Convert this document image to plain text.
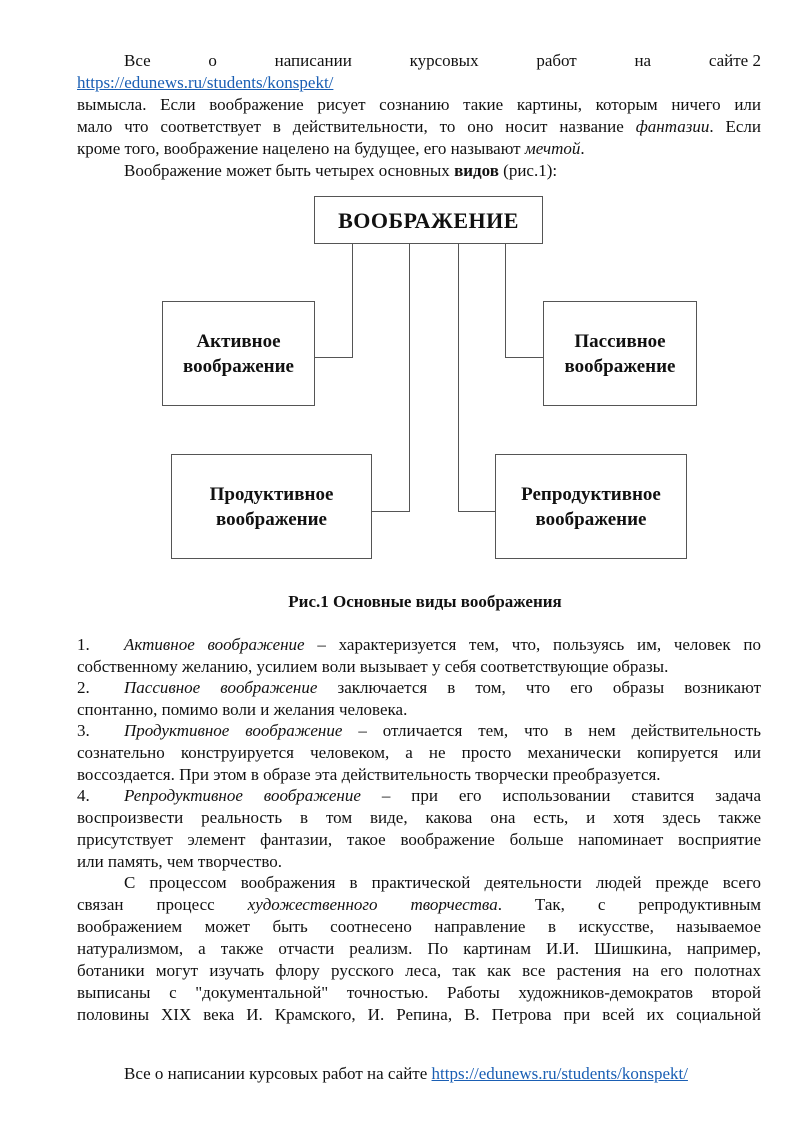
Все	о	написании	курсовых	работ	на	сайте 2
https://edunews.ru/students/konspekt/
вымысла. Если воображение рисует сознанию такие картины, которым ничего или
мало что соответствует в действительности, то оно носит название фантазии. Если
кроме того, воображение нацелено на будущее, его называют мечтой.
Воображение может быть четырех основных видов (рис.1):
ВООБРАЖЕНИЕ
Активное
воображение
Пассивное
воображение
Продуктивное
воображение
Репродуктивное
воображение
Рис.1 Основные виды воображения
1. Активное воображение – характеризуется тем, что, пользуясь им, человек по
собственному желанию, усилием воли вызывает у себя соответствующие образы.
2. Пассивное воображение заключается в том, что его образы возникают
спонтанно, помимо воли и желания человека.
3. Продуктивное воображение – отличается тем, что в нем действительность
сознательно конструируется человеком, а не просто механически копируется или
воссоздается. При этом в образе эта действительность творчески преобразуется.
4. Репродуктивное воображение – при его использовании ставится задача
воспроизвести реальность в том виде, какова она есть, и хотя здесь также
присутствует элемент фантазии, такое воображение больше напоминает восприятие
или память, чем творчество.
С процессом воображения в практической деятельности людей прежде всего
связан процесс художественного творчества. Так, с репродуктивным
воображением может быть соотнесено направление в искусстве, называемое
натурализмом, а также отчасти реализм. По картинам И.И. Шишкина, например,
ботаники могут изучать флору русского леса, так как все растения на его полотнах
выписаны с "документальной" точностью. Работы художников-демократов второй
половины XIX века И. Крамского, И. Репина, В. Петрова при всей их социальной
Все о написании курсовых работ на сайте https://edunews.ru/students/konspekt/
